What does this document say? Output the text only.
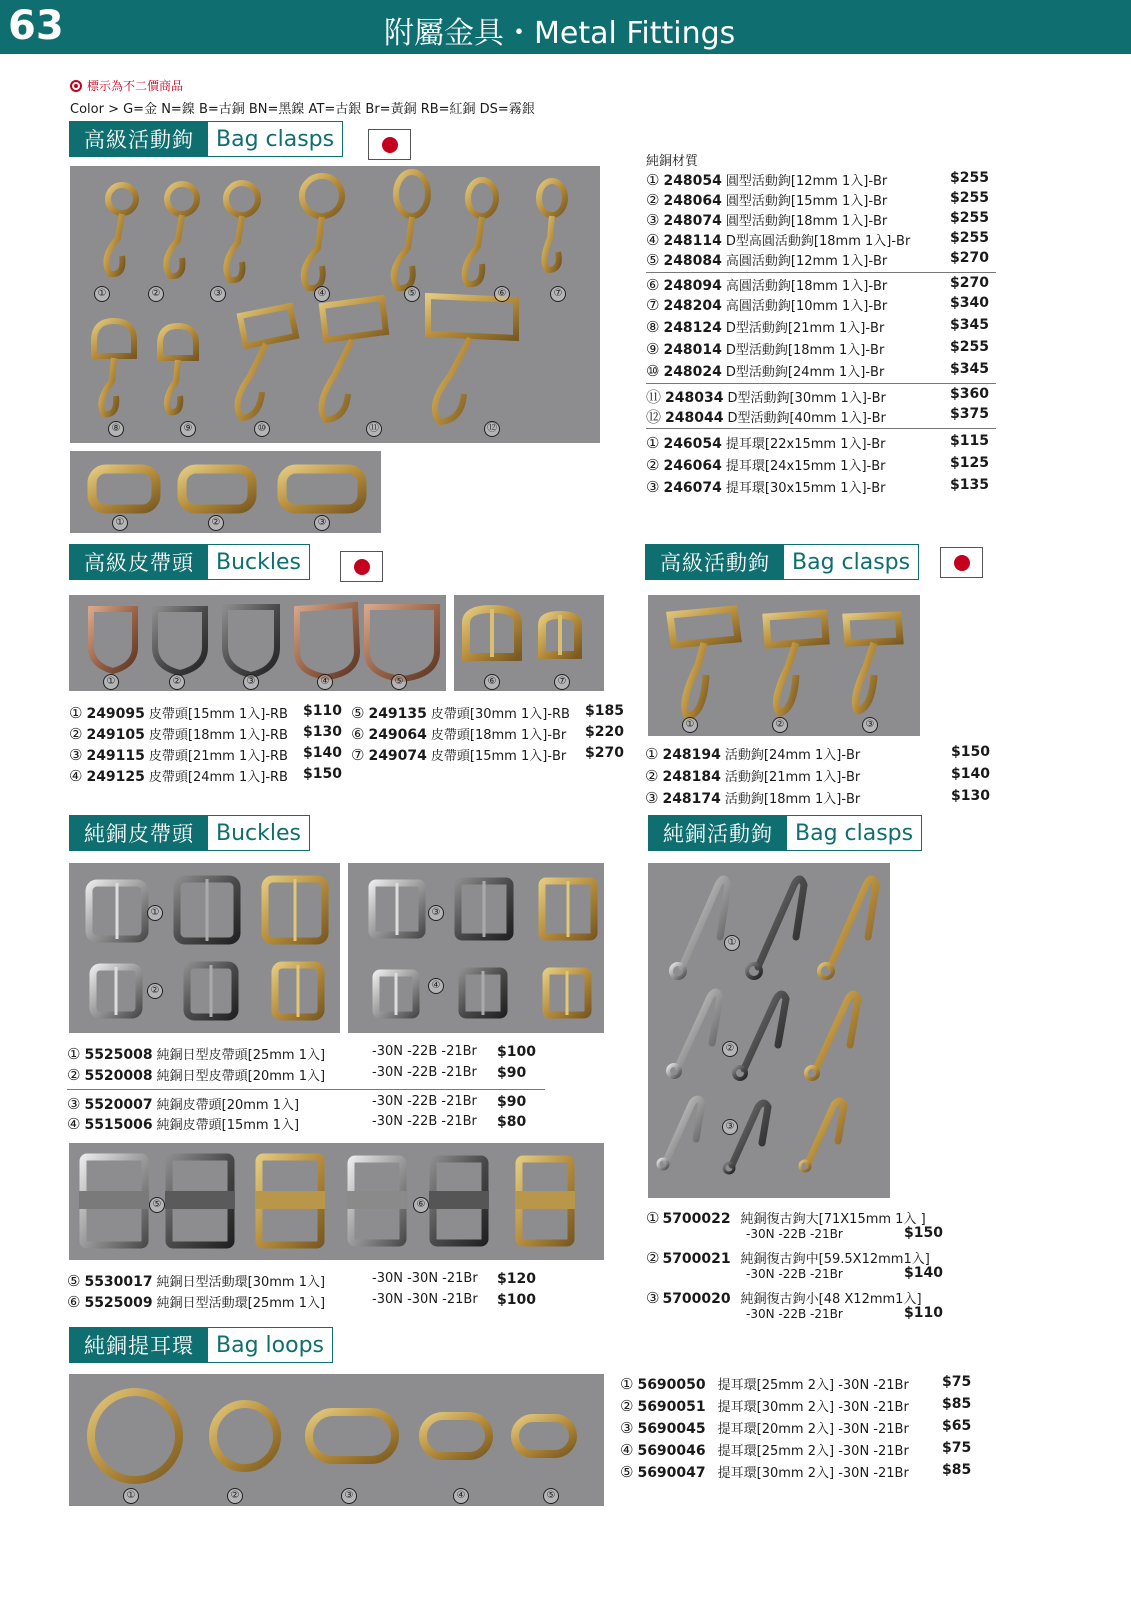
63	附屬金具・Metal Fittings
標示為不二價商品
Color > G=金 N=鎳 B=古銅 BN=黑鎳 AT=古銀 Br=黃銅 RB=紅銅 DS=霧銀
高級活動鉤	Bag clasps
①	②	③	④	⑤	⑥	⑦
⑧	⑨	⑩	⑪	⑫
①	②	③
純銅材質
① 248054 圓型活動鉤[12mm 1入]-Br	$255
② 248064 圓型活動鉤[15mm 1入]-Br	$255
③ 248074 圓型活動鉤[18mm 1入]-Br	$255
④ 248114 D型高圓活動鉤[18mm 1入]-Br	$255
⑤ 248084 高圓活動鉤[12mm 1入]-Br	$270
⑥ 248094 高圓活動鉤[18mm 1入]-Br	$270
⑦ 248204 高圓活動鉤[10mm 1入]-Br	$340
⑧ 248124 D型活動鉤[21mm 1入]-Br	$345
⑨ 248014 D型活動鉤[18mm 1入]-Br	$255
⑩ 248024 D型活動鉤[24mm 1入]-Br	$345
⑪ 248034 D型活動鉤[30mm 1入]-Br	$360
⑫ 248044 D型活動鉤[40mm 1入]-Br	$375
① 246054 提耳環[22x15mm 1入]-Br	$115
② 246064 提耳環[24x15mm 1入]-Br	$125
③ 246074 提耳環[30x15mm 1入]-Br	$135
高級皮帶頭	Buckles	高級活動鉤	Bag clasps
①	②	③	④	⑤	⑥	⑦
①	②	③
① 249095 皮帶頭[15mm 1入]-RB $110 ⑤ 249135 皮帶頭[30mm 1入]-RB $185
② 249105 皮帶頭[18mm 1入]-RB $130 ⑥ 249064 皮帶頭[18mm 1入]-Br $220
③ 249115 皮帶頭[21mm 1入]-RB $140 ⑦ 249074 皮帶頭[15mm 1入]-Br $270
④ 249125 皮帶頭[24mm 1入]-RB $150
① 248194 活動鉤[24mm 1入]-Br	$150
② 248184 活動鉤[21mm 1入]-Br	$140
③ 248174 活動鉤[18mm 1入]-Br	$130
純銅皮帶頭	Buckles	純銅活動鉤	Bag clasps
①
②
③
④
①
②
③
① 5525008 純銅日型皮帶頭[25mm 1入]	-30N -22B -21Br $100
② 5520008 純銅日型皮帶頭[20mm 1入]	-30N -22B -21Br $90
③ 5520007 純銅皮帶頭[20mm 1入]	-30N -22B -21Br $90
④ 5515006 純銅皮帶頭[15mm 1入]	-30N -22B -21Br $80
⑤	⑥
⑤ 5530017 純銅日型活動環[30mm 1入]	-30N -30N -21Br $120
⑥ 5525009 純銅日型活動環[25mm 1入]	-30N -30N -21Br $100
① 5700022 純銅復古鉤大[71X15mm 1入 ]
-30N -22B -21Br	$150
② 5700021 純銅復古鉤中[59.5X12mm1入]
-30N -22B -21Br	$140
③ 5700020 純銅復古鉤小[48 X12mm1入]
-30N -22B -21Br	$110
純銅提耳環	Bag loops
①	②	③	④	⑤
① 5690050 提耳環[25mm 2入] -30N -21Br $75
② 5690051 提耳環[30mm 2入] -30N -21Br $85
③ 5690045 提耳環[20mm 2入] -30N -21Br $65
④ 5690046 提耳環[25mm 2入] -30N -21Br $75
⑤ 5690047 提耳環[30mm 2入] -30N -21Br $85
